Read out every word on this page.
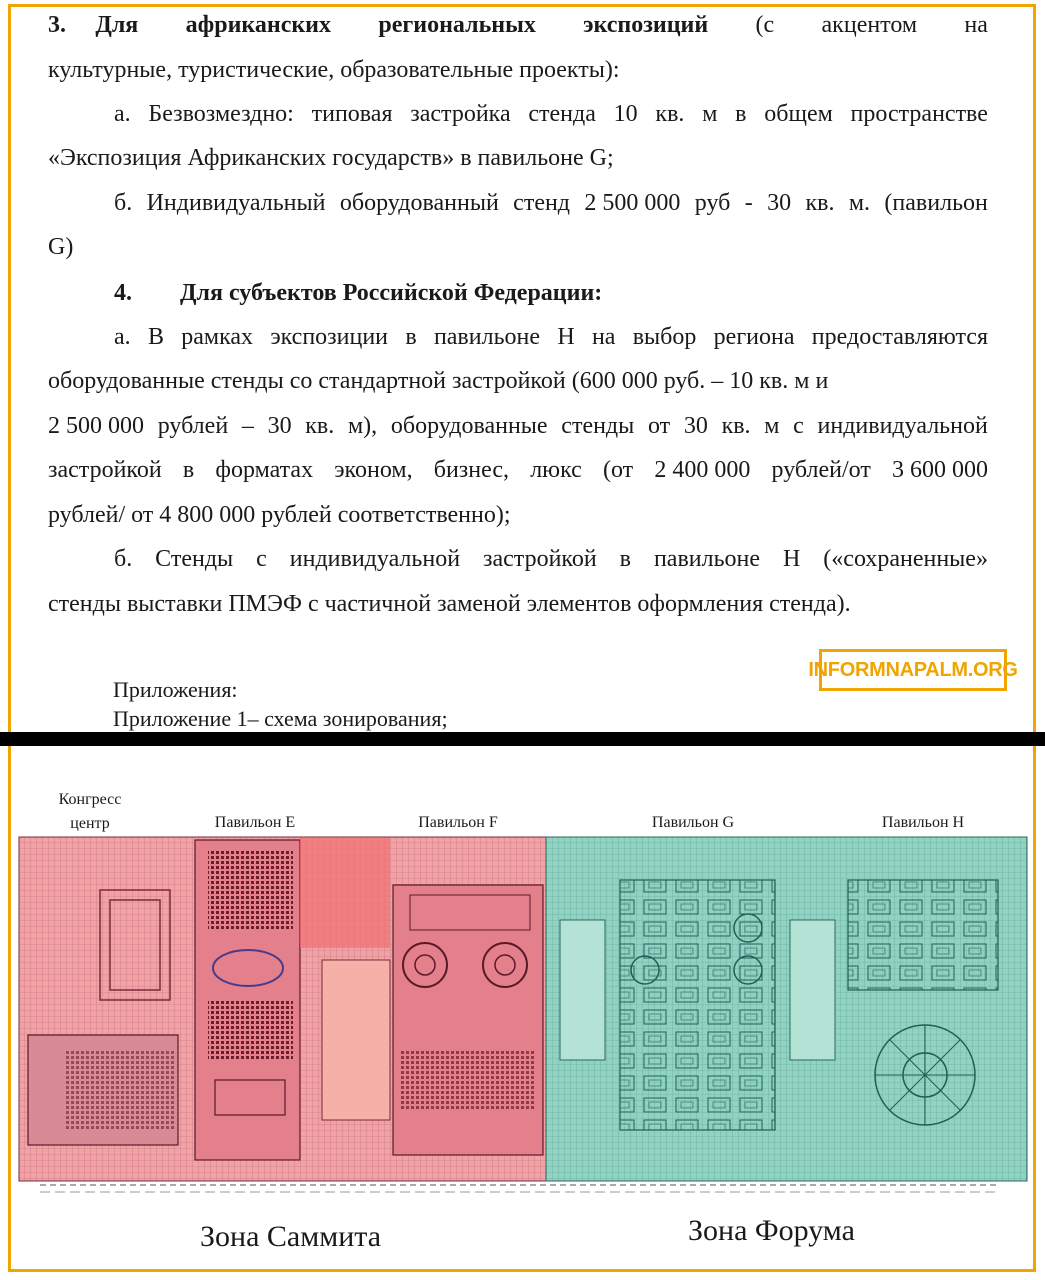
3. Для африканских региональных экспозиций (с акцентом на
культурные, туристические, образовательные проекты):
а. Безвозмездно: типовая застройка стенда 10 кв. м в общем пространстве
«Экспозиция Африканских государств» в павильоне G;
б. Индивидуальный оборудованный стенд 2 500 000 руб - 30 кв. м. (павильон
G)
4. Для субъектов Российской Федерации:
а. В рамках экспозиции в павильоне Н на выбор региона предоставляются
оборудованные стенды со стандартной застройкой (600 000 руб. – 10 кв. м и
2 500 000 рублей – 30 кв. м), оборудованные стенды от 30 кв. м с индивидуальной
застройкой в форматах эконом, бизнес, люкс (от 2 400 000 рублей/от 3 600 000
рублей/ от 4 800 000 рублей соответственно);
б. Стенды с индивидуальной застройкой в павильоне Н («сохраненные»
стенды выставки ПМЭФ с частичной заменой элементов оформления стенда).
INFORMNAPALM.ORG
Приложения:
Приложение 1– схема зонирования;
Конгресс
центр	Павильон Е	Павильон F	Павильон G	Павильон Н
Зона Саммита	Зона Форума
